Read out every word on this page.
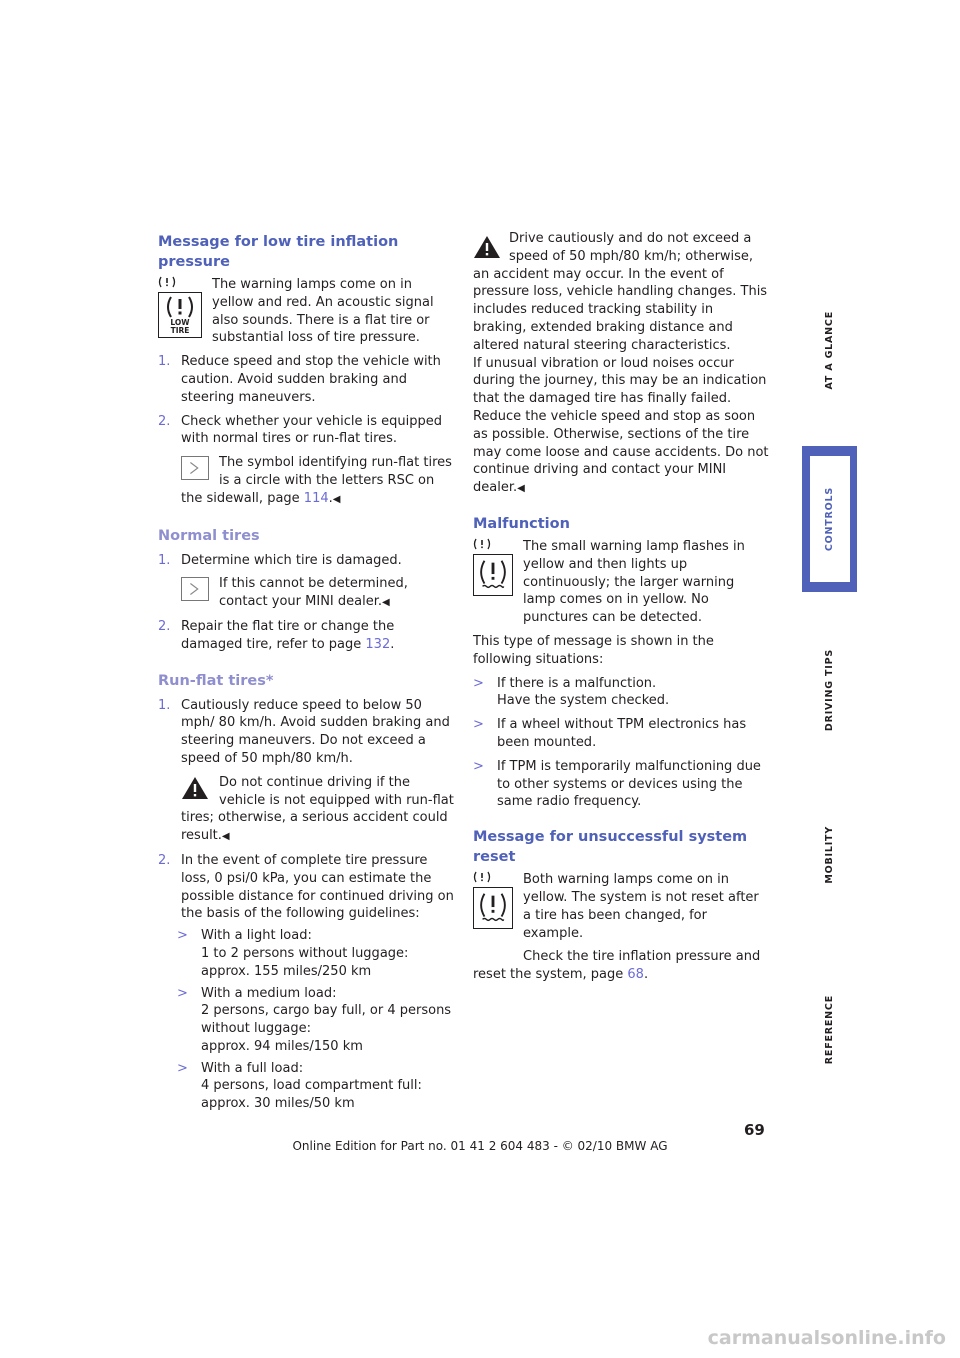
Message for low tire inflation pressure
LOW TIRE

The warning lamps come on in yellow and red. An acoustic signal also sounds. There is a flat tire or substantial loss of tire pressure.

1. Reduce speed and stop the vehicle with caution. Avoid sudden braking and steering maneuvers.
2. Check whether your vehicle is equipped with normal tires or run-flat tires.

The symbol identifying run-flat tires is a circle with the letters RSC on the sidewall, page 114.◀

Normal tires
1. Determine which tire is damaged.

If this cannot be determined, contact your MINI dealer.◀

2. Repair the flat tire or change the damaged tire, refer to page 132.
Run-flat tires*
1. Cautiously reduce speed to below 50 mph/ 80 km/h. Avoid sudden braking and steering maneuvers. Do not exceed a speed of 50 mph/80 km/h.

Do not continue driving if the vehicle is not equipped with run-flat tires; otherwise, a serious accident could result.◀

2. In the event of complete tire pressure loss, 0 psi/0 kPa, you can estimate the possible distance for continued driving on the basis of the following guidelines:
> With a light load:

1 to 2 persons without luggage:

approx. 155 miles/250 km

> With a medium load:

2 persons, cargo bay full, or 4 persons without luggage:

approx. 94 miles/150 km

> With a full load:

4 persons, load compartment full:

approx. 30 miles/50 km

Drive cautiously and do not exceed a speed of 50 mph/80 km/h; otherwise, an accident may occur. In the event of pressure loss, vehicle handling changes. This includes reduced tracking stability in braking, extended braking distance and altered natural steering characteristics.

If unusual vibration or loud noises occur during the journey, this may be an indication that the damaged tire has finally failed. Reduce the vehicle speed and stop as soon as possible. Otherwise, sections of the tire may come loose and cause accidents. Do not continue driving and contact your MINI dealer.◀

Malfunction

The small warning lamp flashes in yellow and then lights up continuously; the larger warning lamp comes on in yellow. No punctures can be detected.

This type of message is shown in the following situations:

> If there is a malfunction.

Have the system checked.

> If a wheel without TPM electronics has been mounted.

> If TPM is temporarily malfunctioning due to other systems or devices using the same radio frequency.

Message for unsuccessful system reset

Both warning lamps come on in yellow. The system is not reset after a tire has been changed, for example.

Check the tire inflation pressure and reset the system, page 68.

AT A GLANCE
CONTROLS
DRIVING TIPS
MOBILITY
REFERENCE
69
Online Edition for Part no. 01 41 2 604 483 - © 02/10 BMW AG
carmanualsonline.info
